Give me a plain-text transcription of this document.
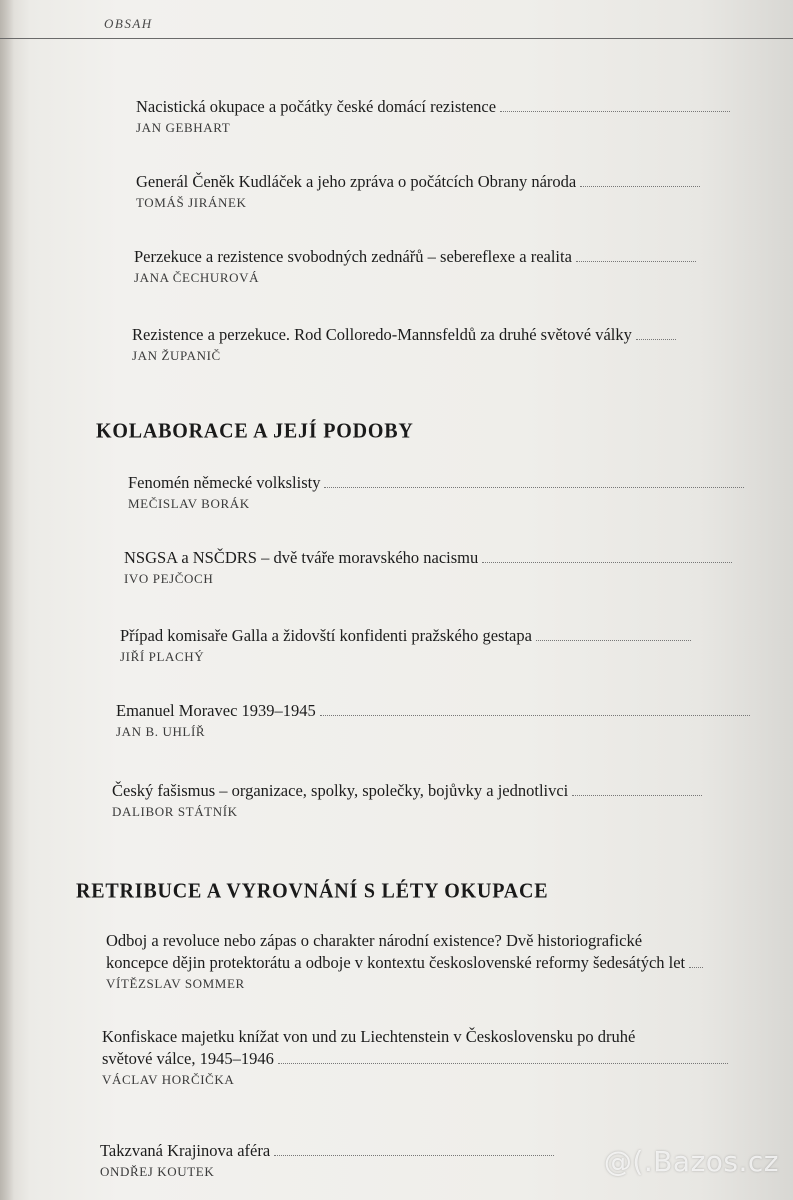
OBSAH
Nacistická okupace a počátky české domácí rezistence
JAN GEBHART
Generál Čeněk Kudláček a jeho zpráva o počátcích Obrany národa
TOMÁŠ JIRÁNEK
Perzekuce a rezistence svobodných zednářů – sebereflexe a realita
JANA ČECHUROVÁ
Rezistence a perzekuce. Rod Colloredo-Mannsfeldů za druhé světové války
JAN ŽUPANIČ
KOLABORACE A JEJÍ PODOBY
Fenomén německé volkslisty
MEČISLAV BORÁK
NSGSA a NSČDRS – dvě tváře moravského nacismu
IVO PEJČOCH
Případ komisaře Galla a židovští konfidenti pražského gestapa
JIŘÍ PLACHÝ
Emanuel Moravec 1939–1945
JAN B. UHLÍŘ
Český fašismus – organizace, spolky, společky, bojůvky a jednotlivci
DALIBOR STÁTNÍK
RETRIBUCE A VYROVNÁNÍ S LÉTY OKUPACE
Odboj a revoluce nebo zápas o charakter národní existence? Dvě historiografické
koncepce dějin protektorátu a odboje v kontextu československé reformy šedesátých let
VÍTĚZSLAV SOMMER
Konfiskace majetku knížat von und zu Liechtenstein v Československu po druhé
světové válce, 1945–1946
VÁCLAV HORČIČKA
Takzvaná Krajinova aféra
ONDŘEJ KOUTEK	@(.Bazos.cz
